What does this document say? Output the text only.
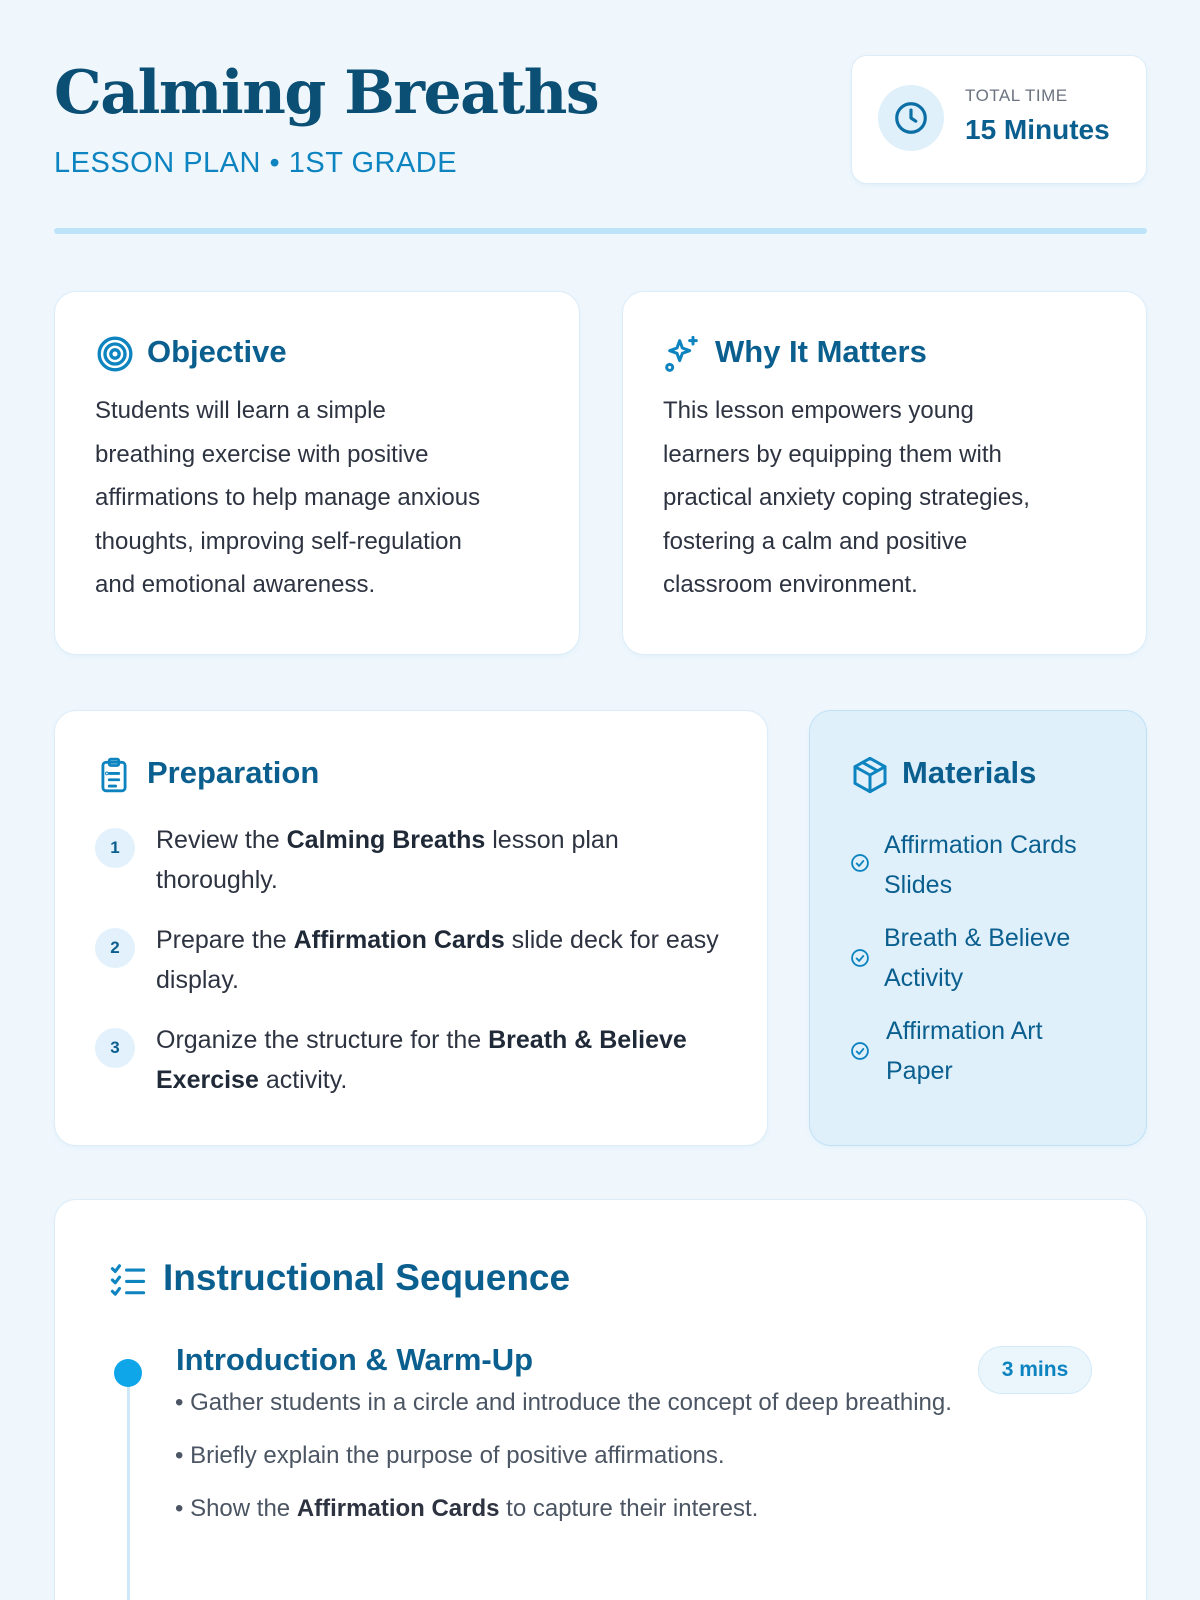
Calming Breaths
LESSON PLAN • 1ST GRADE
TOTAL TIME
15 Minutes
Objective
Students will learn a simple
breathing exercise with positive
affirmations to help manage anxious
thoughts, improving self-regulation
and emotional awareness.
Why It Matters
This lesson empowers young
learners by equipping them with
practical anxiety coping strategies,
fostering a calm and positive
classroom environment.
Preparation
1	Review the Calming Breaths lesson plan thoroughly.
2	Prepare the Affirmation Cards slide deck for easy display.
3	Organize the structure for the Breath & Believe Exercise activity.
Materials
Affirmation Cards
Slides
Breath & Believe
Activity
Affirmation Art
Paper
Instructional Sequence
Introduction & Warm-Up	3 mins
• Gather students in a circle and introduce the concept of deep breathing.
• Briefly explain the purpose of positive affirmations.
• Show the Affirmation Cards to capture their interest.
